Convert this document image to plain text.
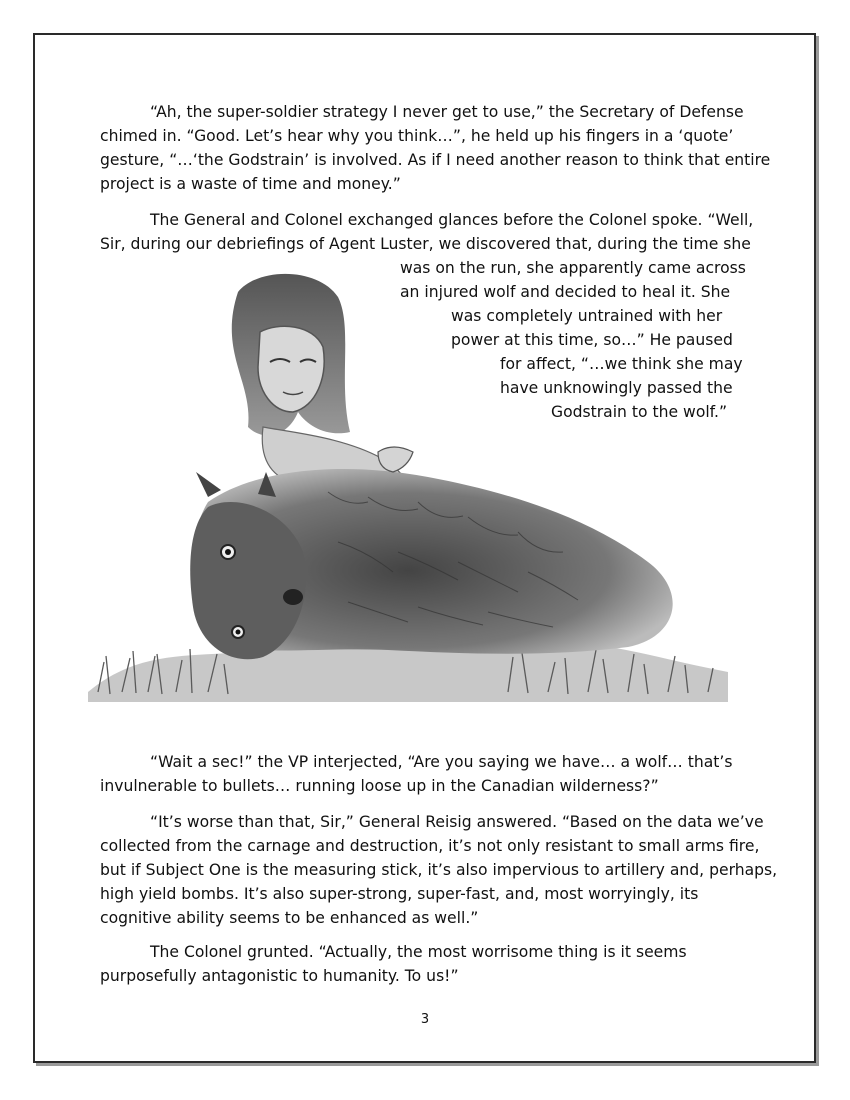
“Ah, the super-soldier strategy I never get to use,” the Secretary of Defense
chimed in. “Good. Let’s hear why you think…”, he held up his fingers in a ‘quote’
gesture, “…‘the Godstrain’ is involved. As if I need another reason to think that entire
project is a waste of time and money.”
The General and Colonel exchanged glances before the Colonel spoke. “Well,
Sir, during our debriefings of Agent Luster, we discovered that, during the time she
was on the run, she apparently came across
an injured wolf and decided to heal it. She
was completely untrained with her
power at this time, so…” He paused
for affect, “…we think she may
have unknowingly passed the
Godstrain to the wolf.”
“Wait a sec!” the VP interjected, “Are you saying we have… a wolf… that’s
invulnerable to bullets… running loose up in the Canadian wilderness?”
“It’s worse than that, Sir,” General Reisig answered. “Based on the data we’ve
collected from the carnage and destruction, it’s not only resistant to small arms fire,
but if Subject One is the measuring stick, it’s also impervious to artillery and, perhaps,
high yield bombs. It’s also super-strong, super-fast, and, most worryingly, its
cognitive ability seems to be enhanced as well.”
The Colonel grunted. “Actually, the most worrisome thing is it seems
purposefully antagonistic to humanity. To us!”
3
